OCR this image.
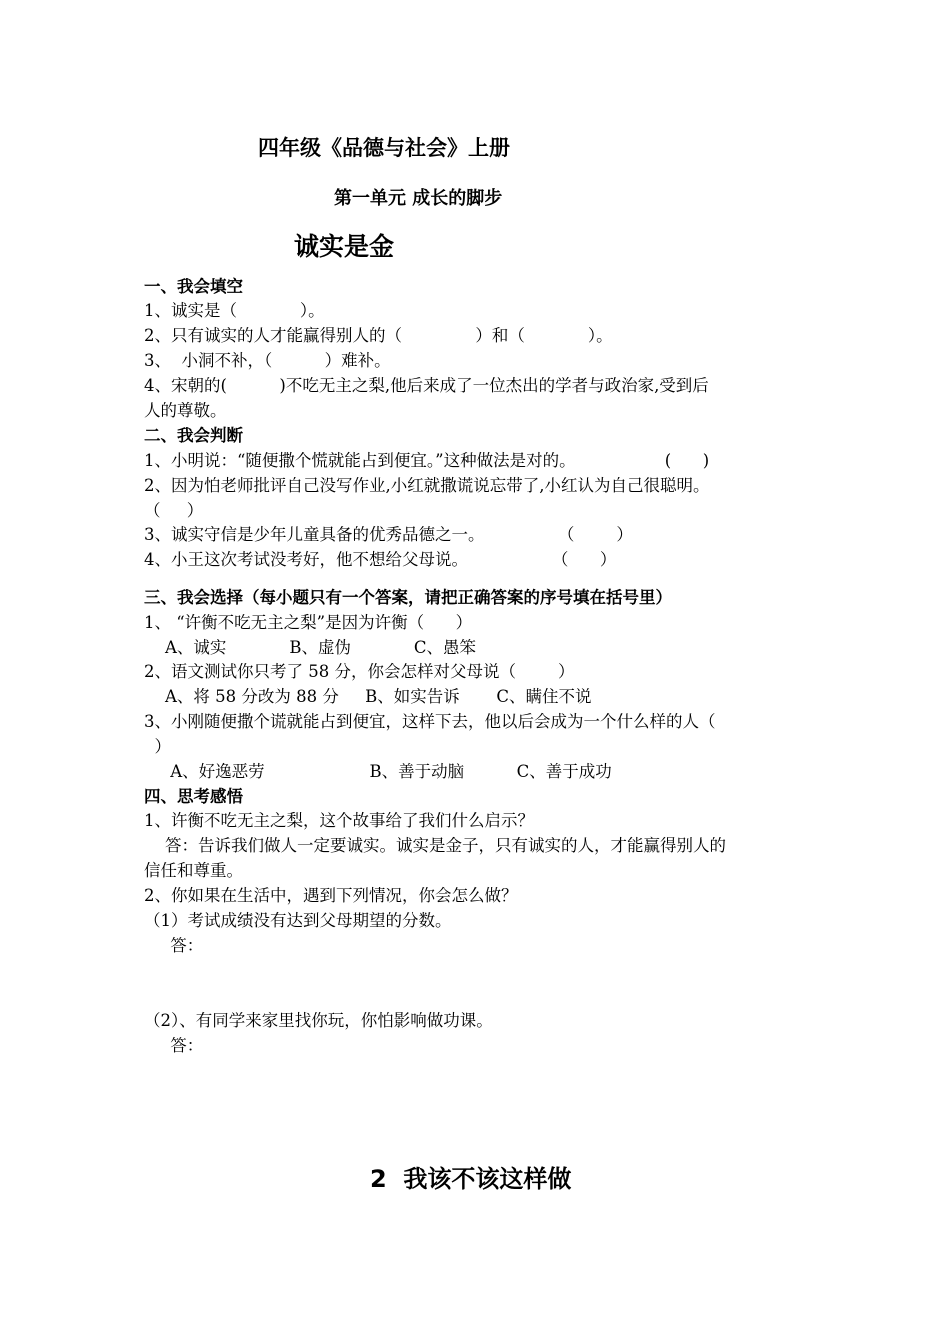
四年级《品德与社会》上册
第一单元 成长的脚步
诚实是金
一、我会填空
1、诚实是（            ）。
2、只有诚实的人才能赢得别人的（              ）和（            ）。
3、  小洞不补，（          ）难补。
4、宋朝的(          )不吃无主之梨,他后来成了一位杰出的学者与政治家,受到后
人的尊敬。
二、我会判断
1、小明说：“随便撒个慌就能占到便宜。”这种做法是对的。                 (      )
2、因为怕老师批评自己没写作业,小红就撒谎说忘带了,小红认为自己很聪明。
（     ）
3、诚实守信是少年儿童具备的优秀品德之一。              （        ）
4、小王这次考试没考好，他不想给父母说。                （      ）
三、我会选择（每小题只有一个答案，请把正确答案的序号填在括号里）
1、 “许衡不吃无主之梨”是因为许衡（      ）
A、诚实            B、虚伪            C、愚笨
2、语文测试你只考了 58 分，你会怎样对父母说（        ）
A、将 58 分改为 88 分     B、如实告诉       C、瞒住不说
3、小刚随便撒个谎就能占到便宜，这样下去，他以后会成为一个什么样的人（
）
A、好逸恶劳                    B、善于动脑          C、善于成功
四、思考感悟
1、许衡不吃无主之梨，这个故事给了我们什么启示？
答：告诉我们做人一定要诚实。诚实是金子，只有诚实的人，才能赢得别人的
信任和尊重。
2、你如果在生活中，遇到下列情况，你会怎么做？
（1）考试成绩没有达到父母期望的分数。
答：
（2）、有同学来家里找你玩，你怕影响做功课。
答：
2  我该不该这样做
